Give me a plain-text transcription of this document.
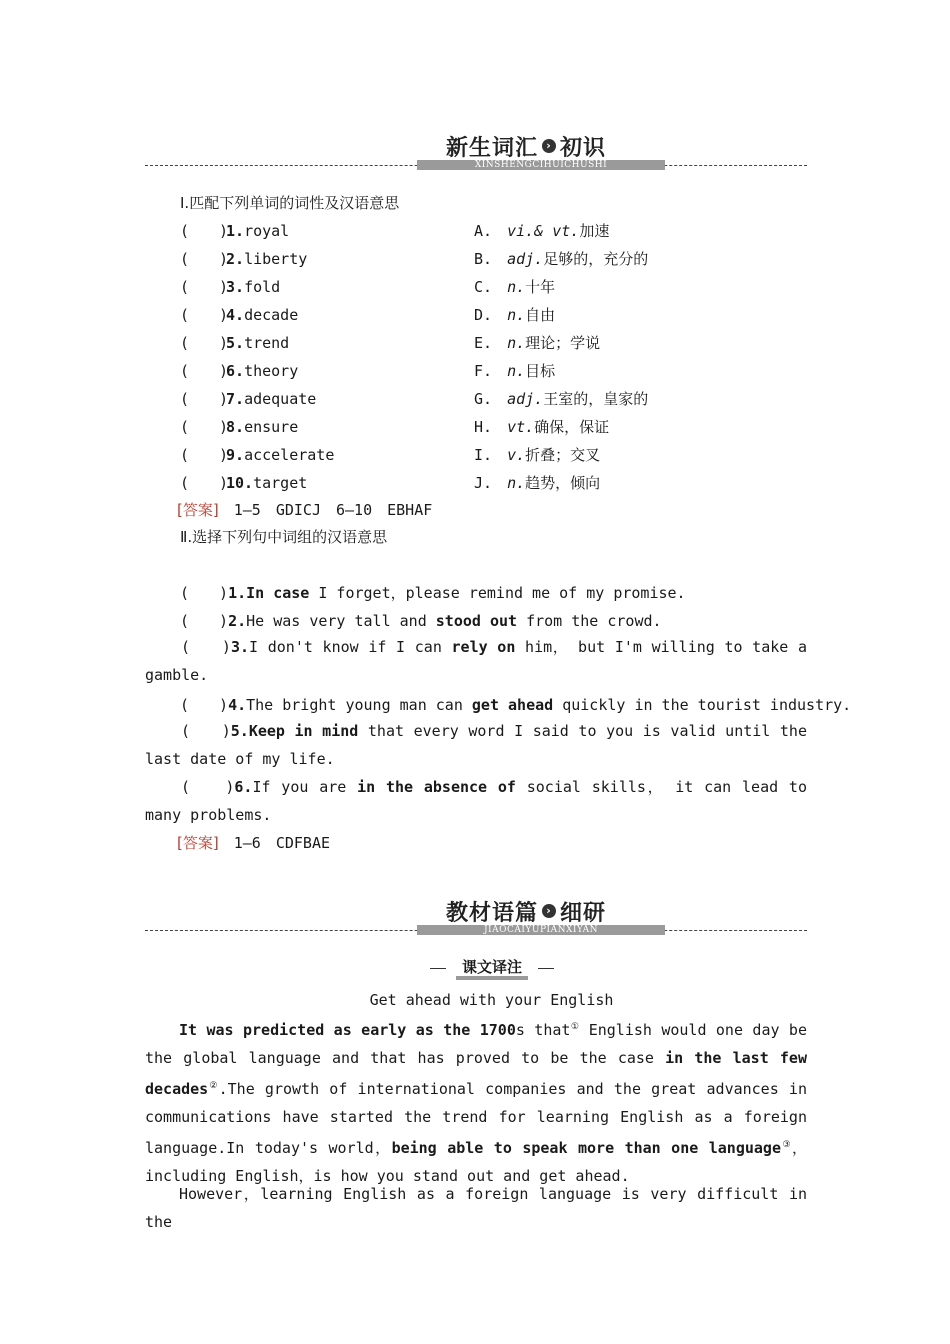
XINSHENGCIHUICHUSHI
新生词汇 › 初识
Ⅰ.匹配下列单词的词性及汉语意思
(　　)
1.royal	A.　 vi.& vt.加速
(　　)
2.liberty	B.　 adj.足够的，充分的
(　　)
3.fold	C.　 n.十年
(　　)
4.decade	D.　 n.自由
(　　)
5.trend	E.　 n.理论；学说
(　　)
6.theory	F.　 n.目标
(　　)
7.adequate	G.　 adj.王室的，皇家的
(　　)
8.ensure	H.　 vt.确保，保证
(　　)
9.accelerate	I.　 v.折叠；交叉
(　　)
10.target	J.　 n.趋势，倾向
[答案]　 1—5　GDICJ　6—10　EBHAF
Ⅱ.选择下列句中词组的汉语意思
(　　)1.In case I forget，please remind me of my promise.
(　　)2.He was very tall and stood out from the crowd.
(　　)3.I don't know if I can rely on him， but I'm willing to take a gamble.
(　　)4.The bright young man can get ahead quickly in the tourist industry.
(　　)5.Keep in mind that every word I said to you is valid until the last date of my life.
(　　)6.If you are in the absence of social skills， it can lead to many problems.
[答案]　 1—6　CDFBAE
JIAOCAIYUPIANXIYAN
教材语篇 › 细研
课文译注
Get ahead with your English
It was predicted as early as the 1700s that① English would one day be the global language and that has proved to be the case in the last few decades②.The growth of international companies and the great advances in communications have started the trend for learning English as a foreign language.In today's world，being able to speak more than one language③，including English，is how you stand out and get ahead.
However，learning English as a foreign language is very difficult in the
